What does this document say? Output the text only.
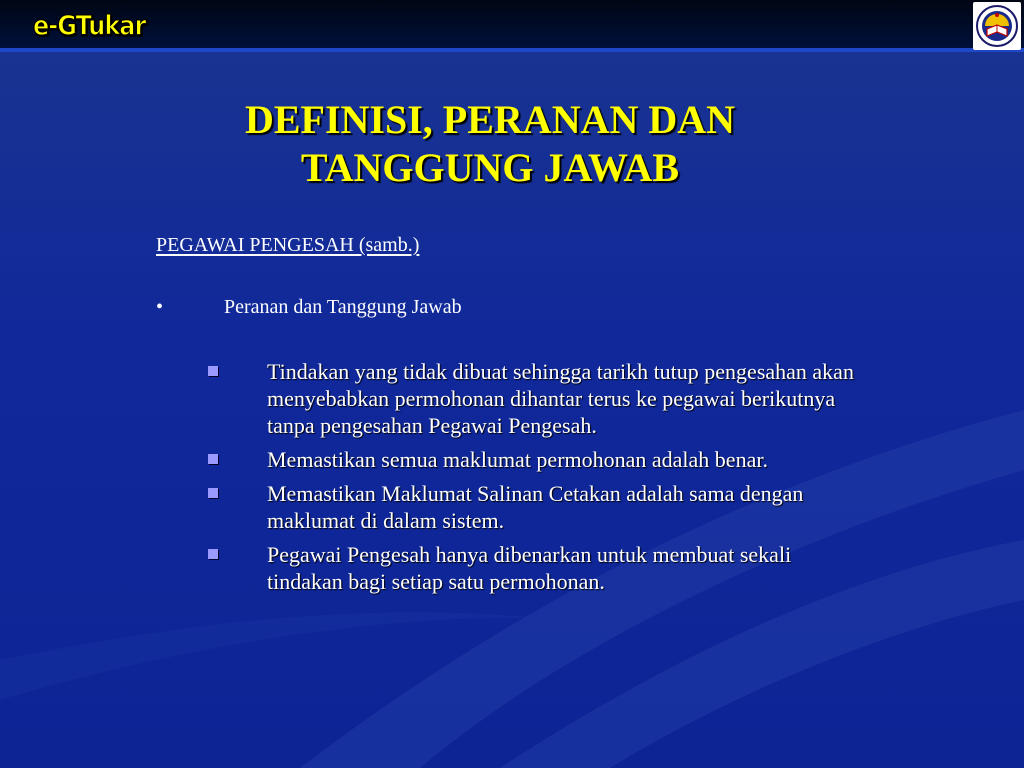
e-GTukar
DEFINISI, PERANAN DAN
TANGGUNG JAWAB
PEGAWAI PENGESAH (samb.)
•	Peranan dan Tanggung Jawab
Tindakan yang tidak dibuat sehingga tarikh tutup pengesahan akan menyebabkan permohonan dihantar terus ke pegawai berikutnya tanpa pengesahan Pegawai Pengesah.
Memastikan semua maklumat permohonan adalah benar.
Memastikan Maklumat Salinan Cetakan adalah sama dengan maklumat di dalam sistem.
Pegawai Pengesah hanya dibenarkan untuk membuat sekali tindakan bagi setiap satu permohonan.
